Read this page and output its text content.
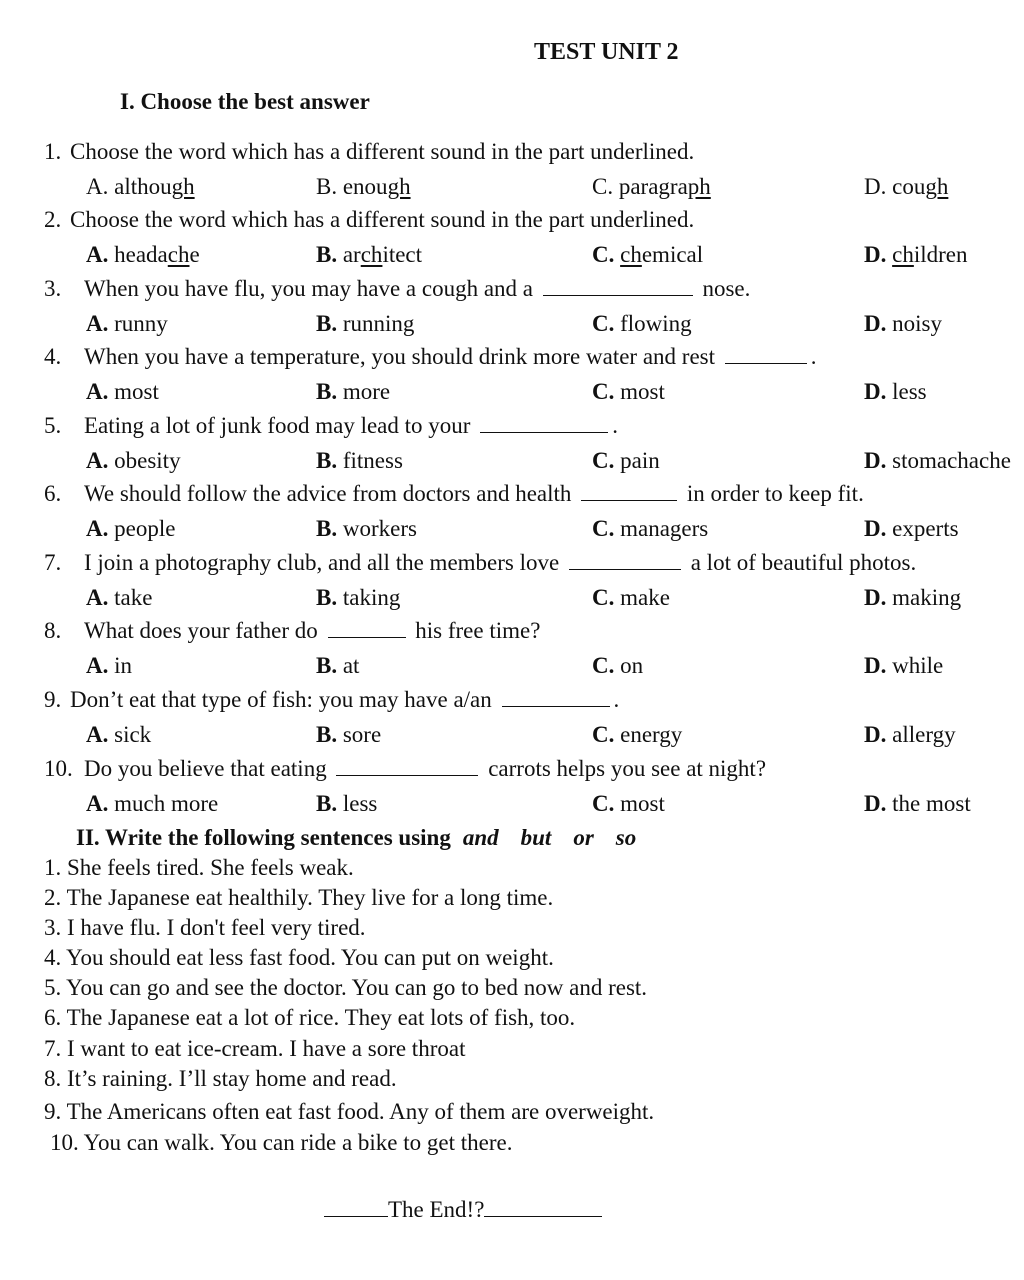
TEST UNIT 2
I. Choose the best answer
1. Choose the word which has a different sound in the part underlined.
A. although	B. enough	C. paragraph	D. cough
2. Choose the word which has a different sound in the part underlined.
A. headache	B. architect	C. chemical	D. children
3. When you have flu, you may have a cough and a	nose.
A. runny	B. running	C. flowing	D. noisy
4. When you have a temperature, you should drink more water and rest	.
A. most	B. more	C. most	D. less
5. Eating a lot of junk food may lead to your	.
A. obesity	B. fitness	C. pain	D. stomachache
6. We should follow the advice from doctors and health	in order to keep fit.
A. people	B. workers	C. managers	D. experts
7. I join a photography club, and all the members love	a lot of beautiful photos.
A. take	B. taking	C. make	D. making
8. What does your father do	his free time?
A. in	B. at	C. on	D. while
9. Don’t eat that type of fish: you may have a/an	.
A. sick	B. sore	C. energy	D. allergy
10. Do you believe that eating	carrots helps you see at night?
A. much more	B. less	C. most	D. the most
II. Write the following sentences using and but or so
1. She feels tired. She feels weak.
2. The Japanese eat healthily. They live for a long time.
3. I have flu. I don't feel very tired.
4. You should eat less fast food. You can put on weight.
5. You can go and see the doctor. You can go to bed now and rest.
6. The Japanese eat a lot of rice. They eat lots of fish, too.
7. I want to eat ice-cream. I have a sore throat
8. It’s raining. I’ll stay home and read.
9. The Americans often eat fast food. Any of them are overweight.
10. You can walk. You can ride a bike to get there.
The End!?
